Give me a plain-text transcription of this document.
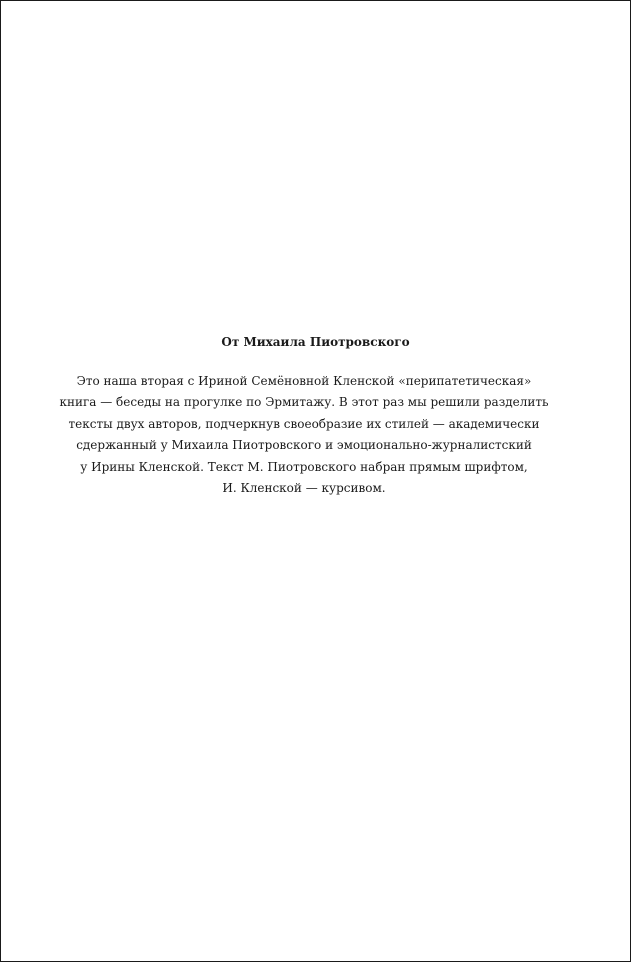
От Михаила Пиотровского

Это наша вторая с Ириной Семёновной Кленской «перипатетическая»
книга — беседы на прогулке по Эрмитажу. В этот раз мы решили разделить
тексты двух авторов, подчеркнув своеобразие их стилей — академически
сдержанный у Михаила Пиотровского и эмоционально-журналистский
у Ирины Кленской. Текст М. Пиотровского набран прямым шрифтом,
И. Кленской — курсивом.
